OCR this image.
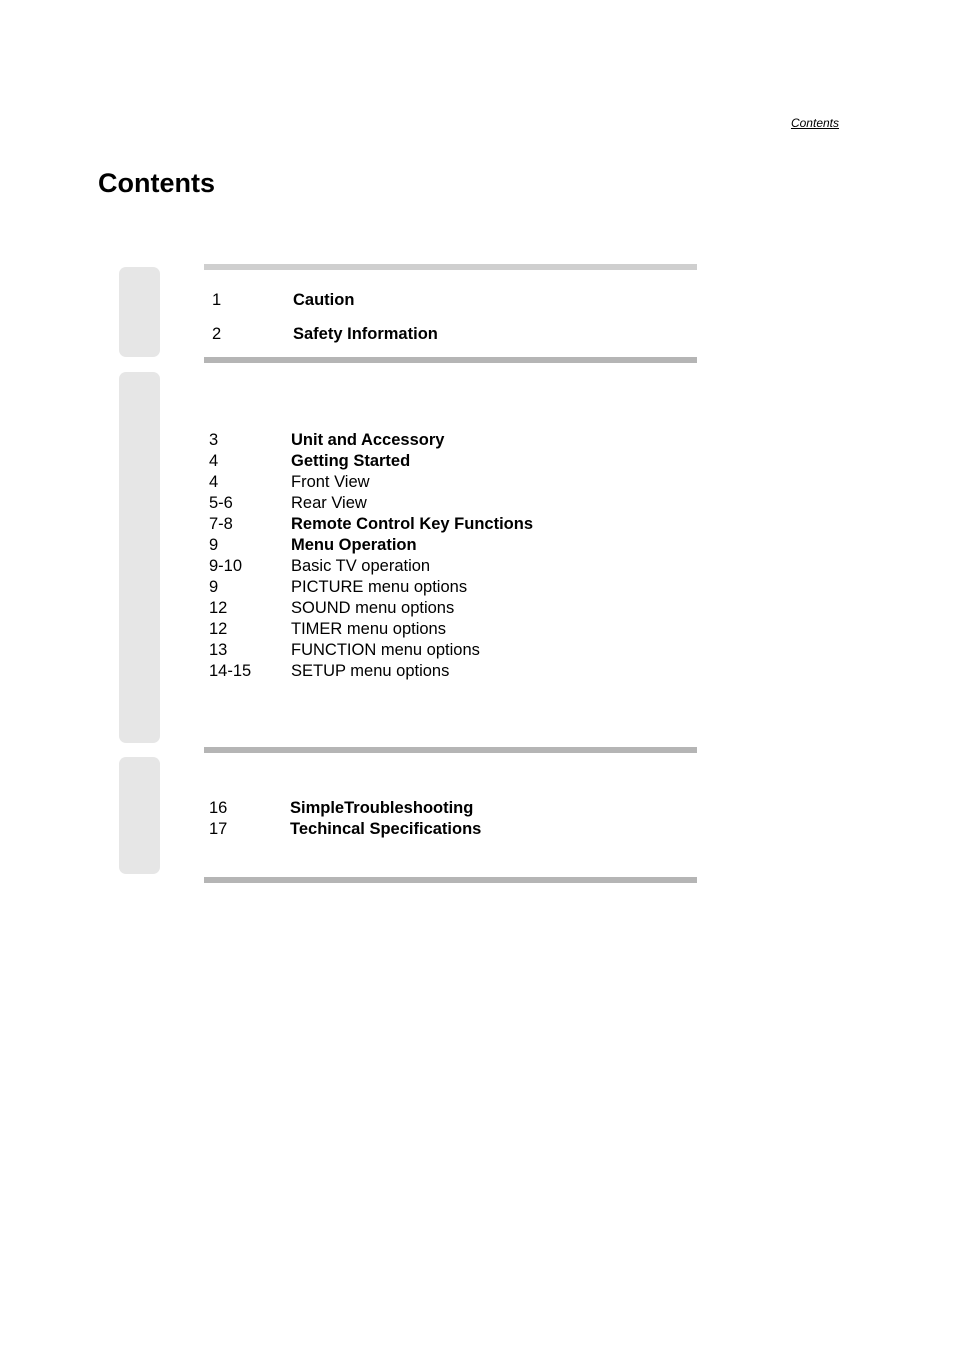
Contents
Contents
1	Caution
2	Safety Information
3	Unit and Accessory
4	Getting Started
4	Front View
5-6	Rear View
7-8	Remote Control Key Functions
9	Menu Operation
9-10	Basic TV operation
9	PICTURE menu options
12	SOUND menu options
12	TIMER menu options
13	FUNCTION menu options
14-15 SETUP menu options
16	SimpleTroubleshooting
17	Techincal Specifications
